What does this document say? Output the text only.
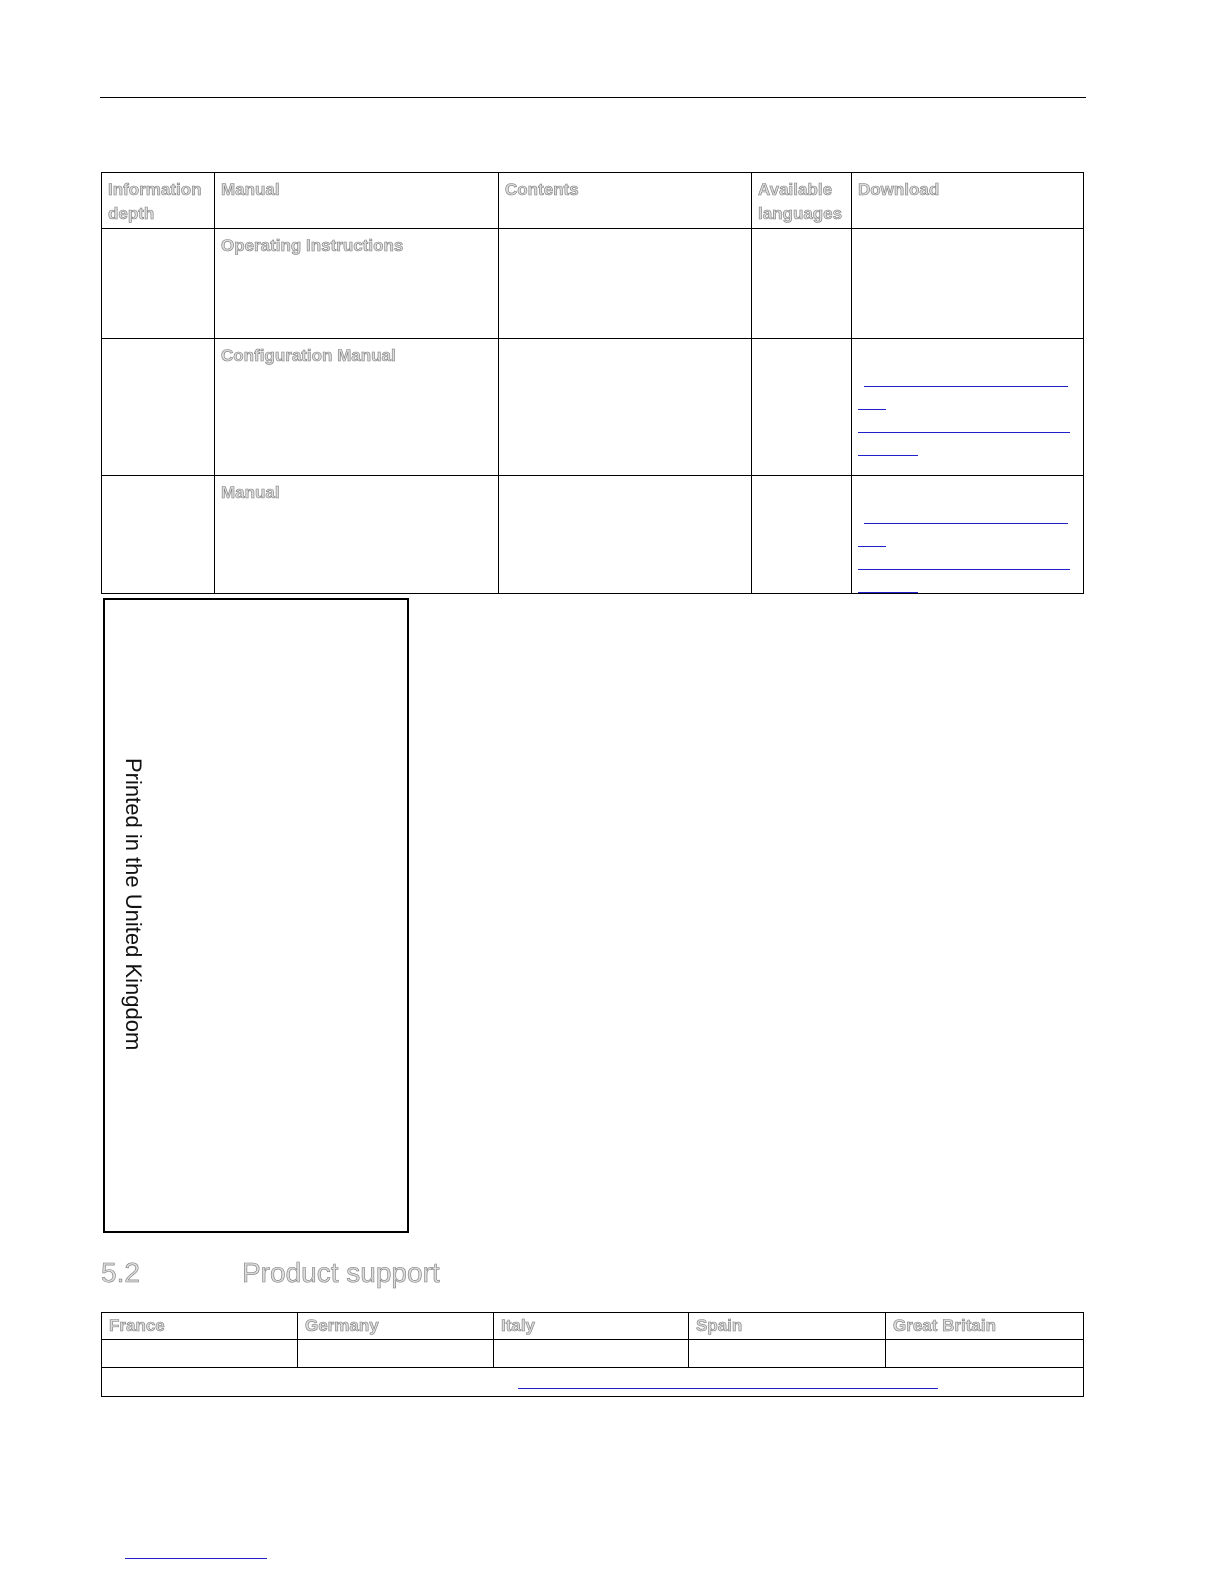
Information depth	Manual	Contents	Available languages	Download
	Operating Instructions			
	Configuration Manual			

	Manual			
Printed in the United Kingdom
5.2	Product support
France	Germany	Italy	Spain	Great Britain
